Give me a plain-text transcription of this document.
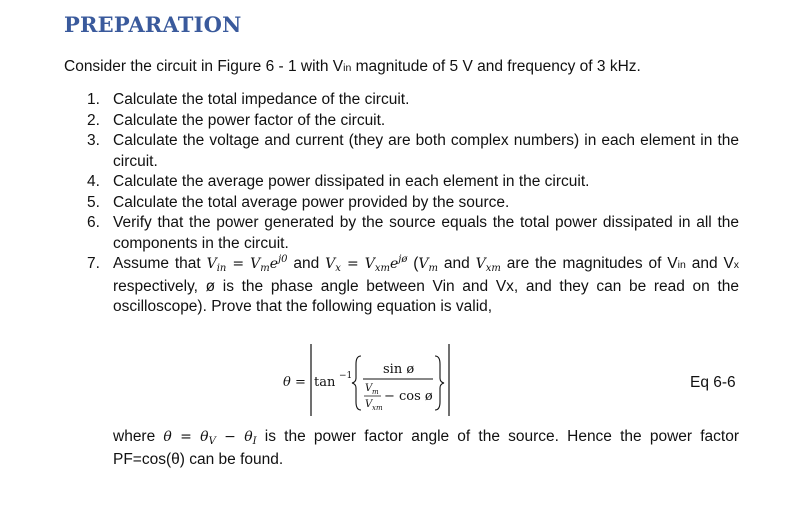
PREPARATION
Consider the circuit in Figure 6 - 1 with Vin magnitude of 5 V and frequency of 3 kHz.
1. Calculate the total impedance of the circuit.
2. Calculate the power factor of the circuit.
3. Calculate the voltage and current (they are both complex numbers) in each element in the circuit.
4. Calculate the average power dissipated in each element in the circuit.
5. Calculate the total average power provided by the source.
6. Verify that the power generated by the source equals the total power dissipated in all the components in the circuit.
7. Assume that $V_{in} = V_me^{j0}$ and $V_x = V_{xm}e^{jø}$ ($V_m$ and $V_{xm}$ are the magnitudes of Vin and Vx respectively, ø is the phase angle between Vin and Vx, and they can be read on the oscilloscope). Prove that the following equation is valid,
θ = tan −1 sin ø
V m
V xm
− cos ø
Eq 6-6
where $\theta = \theta_V - \theta_I$ is the power factor angle of the source. Hence the power factor PF=cos(θ) can be found.
